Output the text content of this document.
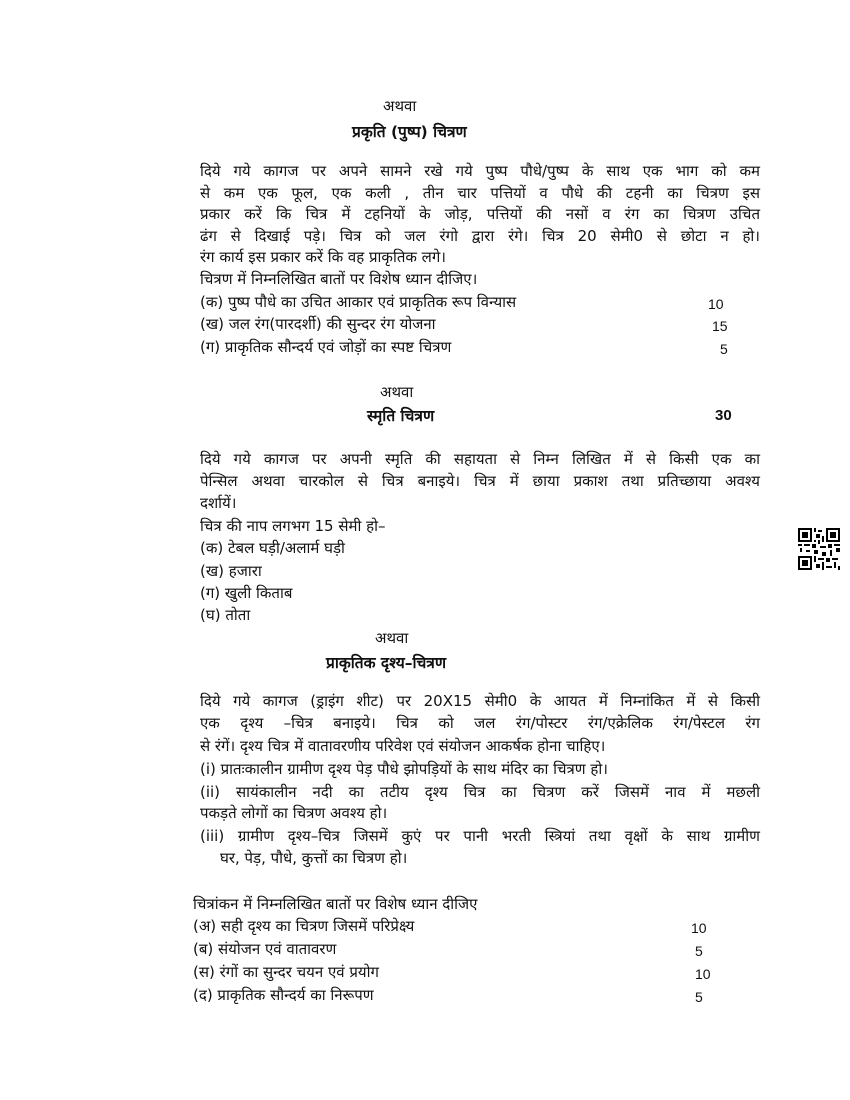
अथवा
प्रकृति (पुष्प) चित्रण
दिये गये कागज पर अपने सामने रखे गये पुष्प पौधे/पुष्प के साथ एक भाग को कम
से कम एक फूल, एक कली , तीन चार पत्तियों व पौधे की टहनी का चित्रण इस
प्रकार करें कि चित्र में टहनियों के जोड़, पत्तियों की नसों व रंग का चित्रण उचित
ढंग से दिखाई पड़े। चित्र को जल रंगो द्वारा रंगे। चित्र 20 सेमी0 से छोटा न हो।
रंग कार्य इस प्रकार करें कि वह प्राकृतिक लगे।
चित्रण में निम्नलिखित बातों पर विशेष ध्यान दीजिए।
(क) पुष्प पौधे का उचित आकार एवं प्राकृतिक रूप विन्यास	10
(ख) जल रंग(पारदर्शी) की सुन्दर रंग योजना	15
(ग) प्राकृतिक सौन्दर्य एवं जोड़ों का स्पष्ट चित्रण	5
अथवा
स्मृति चित्रण	30
दिये गये कागज पर अपनी स्मृति की सहायता से निम्न लिखित में से किसी एक का
पेन्सिल अथवा चारकोल से चित्र बनाइये। चित्र में छाया प्रकाश तथा प्रतिच्छाया अवश्य
दर्शायें।
चित्र की नाप लगभग 15 सेमी हो–
(क) टेबल घड़ी/अलार्म घड़ी
(ख) हजारा
(ग) खुली किताब
(घ) तोता
अथवा
प्राकृतिक दृश्य–चित्रण
दिये गये कागज (ड्राइंग शीट) पर 20X15 सेमी0 के आयत में निम्नांकित में से किसी
एक दृश्य –चित्र बनाइये। चित्र को जल रंग/पोस्टर रंग/एक्रेलिक रंग/पेस्टल रंग
से रंगें। दृश्य चित्र में वातावरणीय परिवेश एवं संयोजन आकर्षक होना चाहिए।
(i) प्रातःकालीन ग्रामीण दृश्य पेड़ पौधे झोपड़ियों के साथ मंदिर का चित्रण हो।
(ii) सायंकालीन नदी का तटीय दृश्य चित्र का चित्रण करें जिसमें नाव में मछली
पकड़ते लोगों का चित्रण अवश्य हो।
(iii) ग्रामीण दृश्य–चित्र जिसमें कुएं पर पानी भरती स्त्रियां तथा वृक्षों के साथ ग्रामीण
घर, पेड़, पौधे, कुत्तों का चित्रण हो।
चित्रांकन में निम्नलिखित बातों पर विशेष ध्यान दीजिए
(अ) सही दृश्य का चित्रण जिसमें परिप्रेक्ष्य	10
(ब) संयोजन एवं वातावरण	5
(स) रंगों का सुन्दर चयन एवं प्रयोग	10
(द) प्राकृतिक सौन्दर्य का निरूपण	5
